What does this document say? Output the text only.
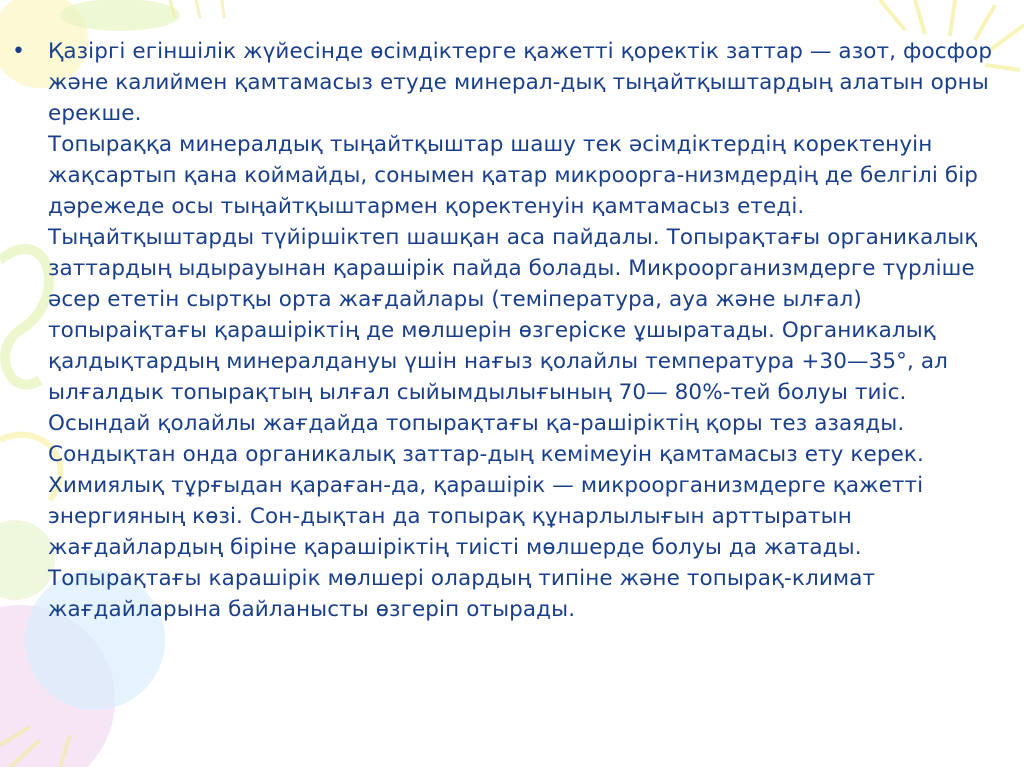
•	Қазіргі егіншілік жүйесінде өсімдіктерге қажетті қоректік заттар — азот, фосфор және калиймен қамтамасыз етуде минерал-дық тыңайтқыштардың алатын орны ерекше.

Топыраққа минералдық тыңайтқыштар шашу тек әсімдіктердің коректенуін жақсартып қана коймайды, сонымен қатар микроорга-низмдердің де белгілі бір дәрежеде осы тыңайтқыштармен қоректенуін қамтамасыз етеді. Тыңайтқыштарды түйіршіктеп шашқан аса пайдалы. Топырақтағы органикалық заттардың ыдырауынан қарашірік пайда болады. Микроорганизмдерге түрліше әсер ететін сыртқы орта жағдайлары (теміпература, ауа және ылғал) топыраіқтағы қарашіріктің де мөлшерін өзгеріске ұшыратады. Органикалық қалдықтардың минералдануы үшін нағыз қолайлы температура +30—35°, ал ылғалдык топырақтың ылғал сыйымдылығының 70— 80%-тей болуы тиіс. Осындай қолайлы жағдайда топырақтағы қа-рашіріктің қоры тез азаяды. Сондықтан онда органикалық заттар-дың кемімеуін қамтамасыз ету керек. Химиялық тұрғыдан қараған-да, қарашірік — микроорганизмдерге қажетті энергияның көзі. Сон-дықтан да топырақ құнарлылығын арттыратын жағдайлардың біріне қарашіріктің тиісті мөлшерде болуы да жатады.

Топырақтағы карашірік мөлшері олардың типіне және топырақ-климат жағдайларына байланысты өзгеріп отырады.
